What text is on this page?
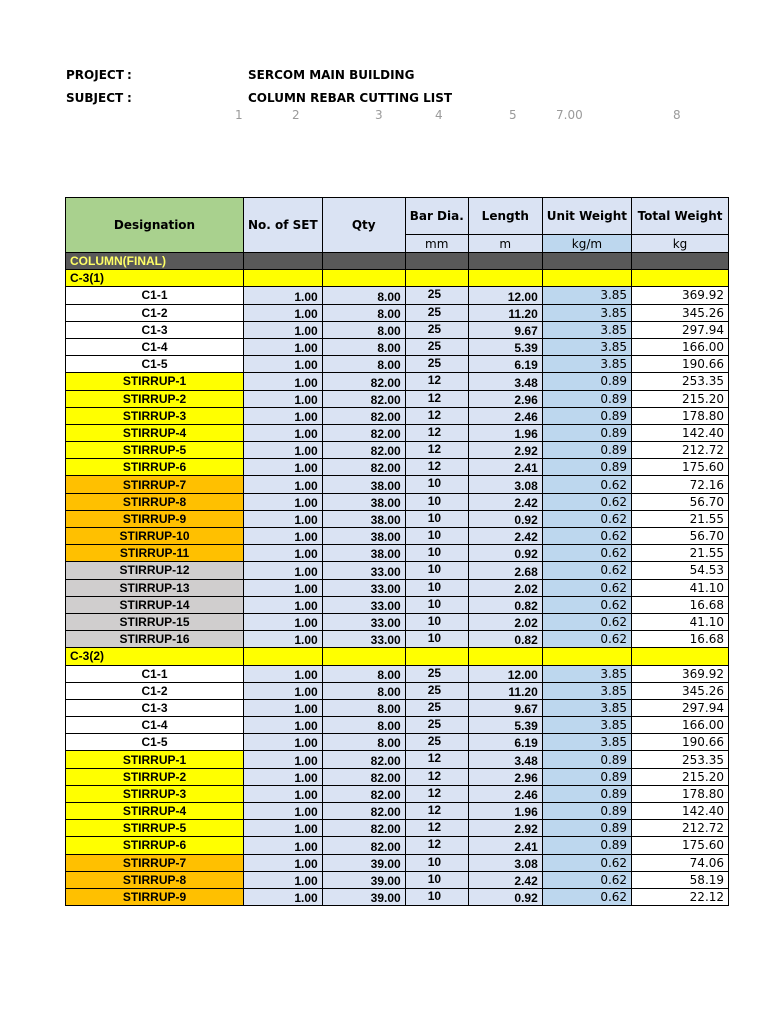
PROJECT :	SERCOM MAIN BUILDING
SUBJECT :	COLUMN REBAR CUTTING LIST
1	2	3	4	5	7.00	8
Designation	No. of SET	Qty	Bar Dia.	Length	Unit Weight	Total Weight
			mm	m	kg/m	kg
COLUMN(FINAL)						
C-3(1)						
C1-1	1.00	8.00	25	12.00	3.85	369.92
C1-2	1.00	8.00	25	11.20	3.85	345.26
C1-3	1.00	8.00	25	9.67	3.85	297.94
C1-4	1.00	8.00	25	5.39	3.85	166.00
C1-5	1.00	8.00	25	6.19	3.85	190.66
STIRRUP-1	1.00	82.00	12	3.48	0.89	253.35
STIRRUP-2	1.00	82.00	12	2.96	0.89	215.20
STIRRUP-3	1.00	82.00	12	2.46	0.89	178.80
STIRRUP-4	1.00	82.00	12	1.96	0.89	142.40
STIRRUP-5	1.00	82.00	12	2.92	0.89	212.72
STIRRUP-6	1.00	82.00	12	2.41	0.89	175.60
STIRRUP-7	1.00	38.00	10	3.08	0.62	72.16
STIRRUP-8	1.00	38.00	10	2.42	0.62	56.70
STIRRUP-9	1.00	38.00	10	0.92	0.62	21.55
STIRRUP-10	1.00	38.00	10	2.42	0.62	56.70
STIRRUP-11	1.00	38.00	10	0.92	0.62	21.55
STIRRUP-12	1.00	33.00	10	2.68	0.62	54.53
STIRRUP-13	1.00	33.00	10	2.02	0.62	41.10
STIRRUP-14	1.00	33.00	10	0.82	0.62	16.68
STIRRUP-15	1.00	33.00	10	2.02	0.62	41.10
STIRRUP-16	1.00	33.00	10	0.82	0.62	16.68
C-3(2)						
C1-1	1.00	8.00	25	12.00	3.85	369.92
C1-2	1.00	8.00	25	11.20	3.85	345.26
C1-3	1.00	8.00	25	9.67	3.85	297.94
C1-4	1.00	8.00	25	5.39	3.85	166.00
C1-5	1.00	8.00	25	6.19	3.85	190.66
STIRRUP-1	1.00	82.00	12	3.48	0.89	253.35
STIRRUP-2	1.00	82.00	12	2.96	0.89	215.20
STIRRUP-3	1.00	82.00	12	2.46	0.89	178.80
STIRRUP-4	1.00	82.00	12	1.96	0.89	142.40
STIRRUP-5	1.00	82.00	12	2.92	0.89	212.72
STIRRUP-6	1.00	82.00	12	2.41	0.89	175.60
STIRRUP-7	1.00	39.00	10	3.08	0.62	74.06
STIRRUP-8	1.00	39.00	10	2.42	0.62	58.19
STIRRUP-9	1.00	39.00	10	0.92	0.62	22.12
